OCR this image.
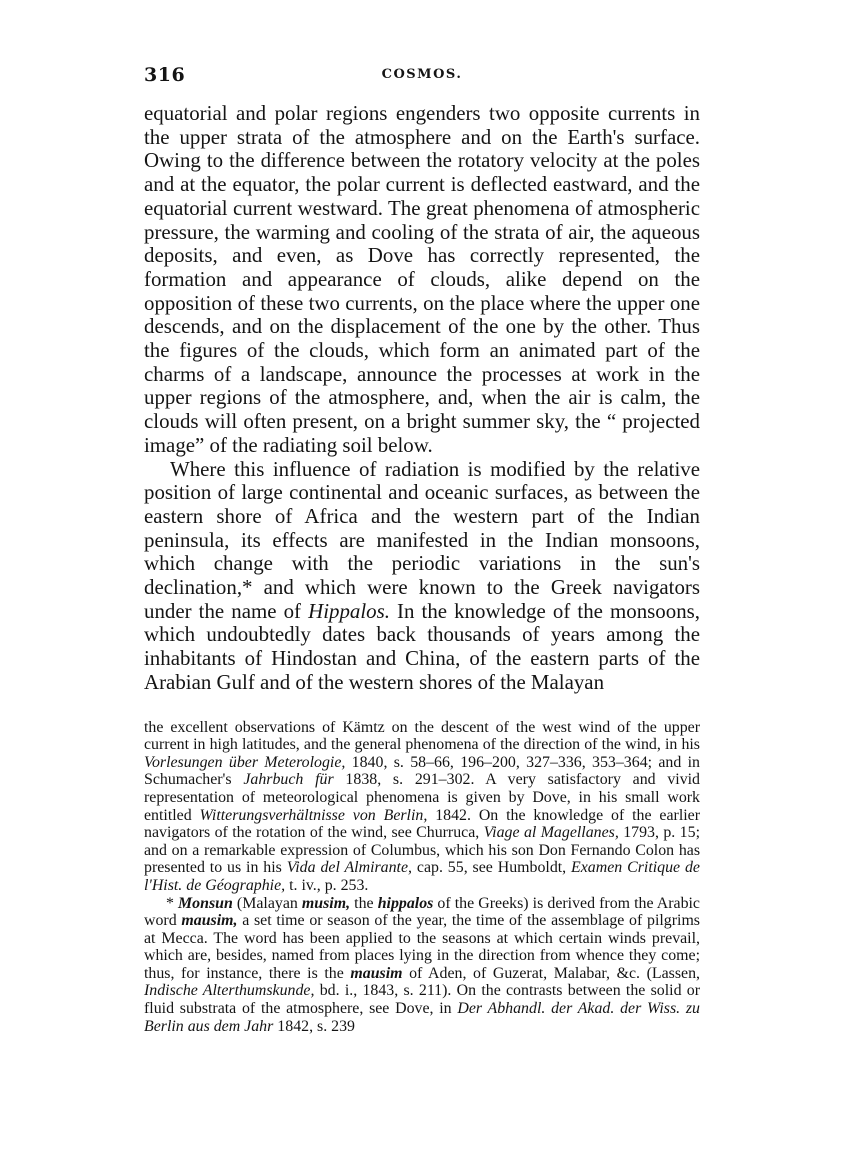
316	COSMOS.

equatorial and polar regions engenders two opposite currents in the upper strata of the atmosphere and on the Earth's surface. Owing to the difference between the rotatory velocity at the poles and at the equator, the polar current is deflected eastward, and the equatorial current westward. The great phenomena of atmospheric pressure, the warming and cooling of the strata of air, the aqueous deposits, and even, as Dove has correctly represented, the formation and appearance of clouds, alike depend on the opposition of these two currents, on the place where the upper one descends, and on the displacement of the one by the other. Thus the figures of the clouds, which form an animated part of the charms of a landscape, announce the processes at work in the upper regions of the atmosphere, and, when the air is calm, the clouds will often present, on a bright summer sky, the “ projected image” of the radiating soil below.

Where this influence of radiation is modified by the relative position of large continental and oceanic surfaces, as between the eastern shore of Africa and the western part of the Indian peninsula, its effects are manifested in the Indian monsoons, which change with the periodic variations in the sun's declination,* and which were known to the Greek navigators under the name of Hippalos. In the knowledge of the monsoons, which undoubtedly dates back thousands of years among the inhabitants of Hindostan and China, of the eastern parts of the Arabian Gulf and of the western shores of the Malayan

the excellent observations of Kämtz on the descent of the west wind of the upper current in high latitudes, and the general phenomena of the direction of the wind, in his Vorlesungen über Meterologie, 1840, s. 58–66, 196–200, 327–336, 353–364; and in Schumacher's Jahrbuch für 1838, s. 291–302. A very satisfactory and vivid representation of meteorological phenomena is given by Dove, in his small work entitled Witterungsverhältnisse von Berlin, 1842. On the knowledge of the earlier navigators of the rotation of the wind, see Churruca, Viage al Magellanes, 1793, p. 15; and on a remarkable expression of Columbus, which his son Don Fernando Colon has presented to us in his Vida del Almirante, cap. 55, see Humboldt, Examen Critique de l'Hist. de Géographie, t. iv., p. 253.

* Monsun (Malayan musim, the hippalos of the Greeks) is derived from the Arabic word mausim, a set time or season of the year, the time of the assemblage of pilgrims at Mecca. The word has been applied to the seasons at which certain winds prevail, which are, besides, named from places lying in the direction from whence they come; thus, for instance, there is the mausim of Aden, of Guzerat, Malabar, &c. (Lassen, Indische Alterthumskunde, bd. i., 1843, s. 211). On the contrasts between the solid or fluid substrata of the atmosphere, see Dove, in Der Abhandl. der Akad. der Wiss. zu Berlin aus dem Jahr 1842, s. 239
